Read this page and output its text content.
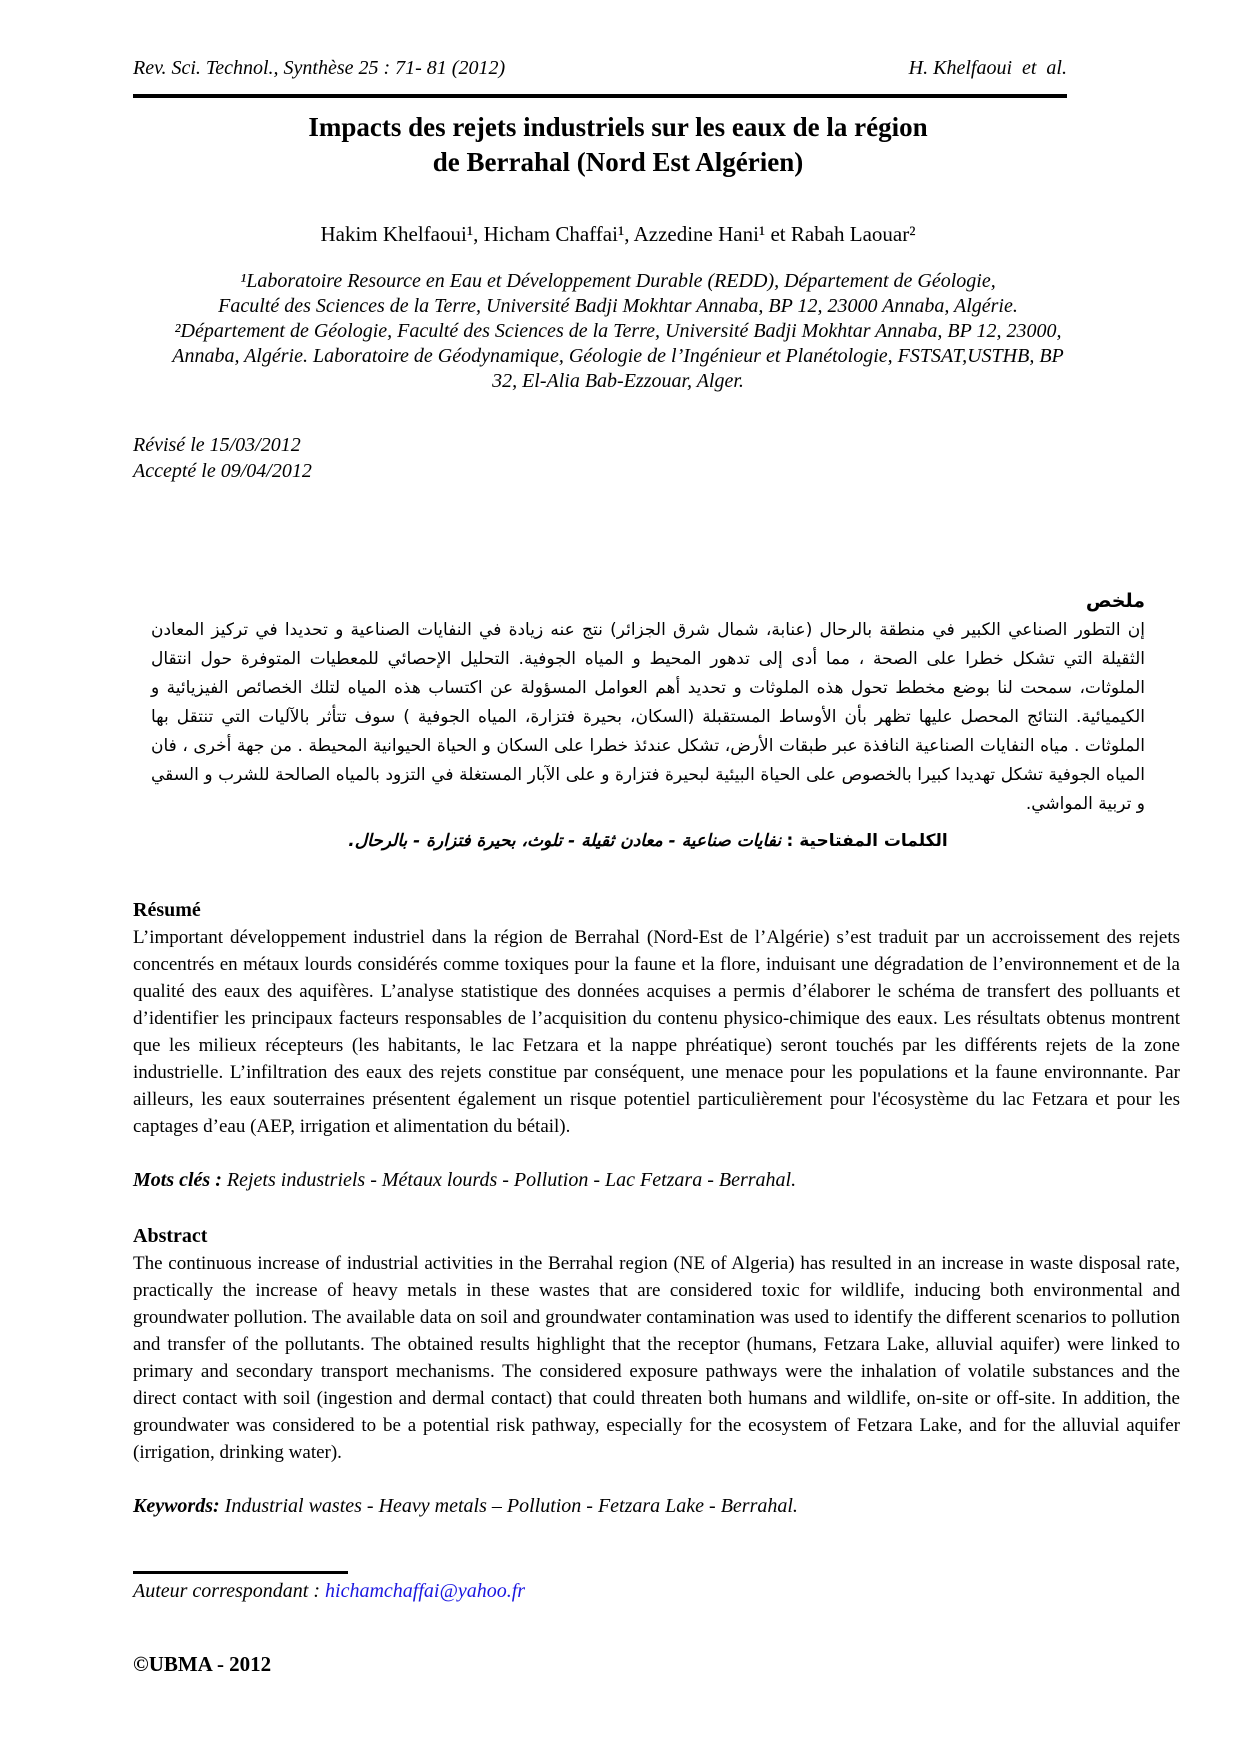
Rev. Sci. Technol., Synthèse 25 : 71- 81 (2012)	H. Khelfaoui  et  al.
Impacts des rejets industriels sur les eaux de la région
de Berrahal (Nord Est Algérien)
Hakim Khelfaoui¹, Hicham Chaffai¹, Azzedine Hani¹ et Rabah Laouar²
¹Laboratoire Resource en Eau et Développement Durable (REDD), Département de Géologie,
Faculté des Sciences de la Terre, Université Badji Mokhtar Annaba, BP 12, 23000 Annaba, Algérie.
²Département de Géologie, Faculté des Sciences de la Terre, Université Badji Mokhtar Annaba, BP 12, 23000,
Annaba, Algérie. Laboratoire de Géodynamique, Géologie de l’Ingénieur et Planétologie, FSTSAT,USTHB, BP
32, El-Alia Bab-Ezzouar, Alger.
Révisé le 15/03/2012
Accepté le 09/04/2012
ملخص
إن التطور الصناعي الكبير في منطقة بالرحال (عنابة، شمال شرق الجزائر) نتج عنه زيادة في النفايات الصناعية و تحديدا في تركيز المعادن الثقيلة التي تشكل خطرا على الصحة ، مما أدى إلى تدهور المحيط و المياه الجوفية. التحليل الإحصائي للمعطيات المتوفرة حول انتقال الملوثات، سمحت لنا بوضع مخطط تحول هذه الملوثات و تحديد أهم العوامل المسؤولة عن اكتساب هذه المياه لتلك الخصائص الفيزيائية و الكيميائية. النتائج المحصل عليها تظهر بأن الأوساط المستقبلة (السكان، بحيرة فتزارة، المياه الجوفية ) سوف تتأثر بالآليات التي تنتقل بها الملوثات . مياه النفايات الصناعية النافذة عبر طبقات الأرض، تشكل عندئذ خطرا على السكان و الحياة الحيوانية المحيطة . من جهة أخرى ، فان المياه الجوفية تشكل تهديدا كبيرا بالخصوص على الحياة البيئية لبحيرة فتزارة و على الآبار المستغلة في التزود بالمياه الصالحة للشرب و السقي و تربية المواشي.
الكلمات المفتاحية : نفايات صناعية - معادن ثقيلة - تلوث، بحيرة فتزارة - بالرحال.
Résumé
L’important développement industriel dans la région de Berrahal (Nord-Est de l’Algérie) s’est traduit par un accroissement des rejets concentrés en métaux lourds considérés comme toxiques pour la faune et la flore, induisant une dégradation de l’environnement et de la qualité des eaux des aquifères. L’analyse statistique des données acquises a permis d’élaborer le schéma de transfert des polluants et d’identifier les principaux facteurs responsables de l’acquisition du contenu physico-chimique des eaux. Les résultats obtenus montrent que les milieux récepteurs (les habitants, le lac Fetzara et la nappe phréatique) seront touchés par les différents rejets de la zone industrielle. L’infiltration des eaux des rejets constitue par conséquent, une menace pour les populations et la faune environnante. Par ailleurs, les eaux souterraines présentent également un risque potentiel particulièrement pour l'écosystème du lac Fetzara et pour les captages d’eau (AEP, irrigation et alimentation du bétail).
Mots clés : Rejets industriels - Métaux lourds - Pollution - Lac Fetzara - Berrahal.
Abstract
The continuous increase of industrial activities in the Berrahal region (NE of Algeria) has resulted in an increase in waste disposal rate, practically the increase of heavy metals in these wastes that are considered toxic for wildlife, inducing both environmental and groundwater pollution. The available data on soil and groundwater contamination was used to identify the different scenarios to pollution and transfer of the pollutants. The obtained results highlight that the receptor (humans, Fetzara Lake, alluvial aquifer) were linked to primary and secondary transport mechanisms. The considered exposure pathways were the inhalation of volatile substances and the direct contact with soil (ingestion and dermal contact) that could threaten both humans and wildlife, on-site or off-site. In addition, the groundwater was considered to be a potential risk pathway, especially for the ecosystem of Fetzara Lake, and for the alluvial aquifer (irrigation, drinking water).
Keywords: Industrial wastes - Heavy metals – Pollution - Fetzara Lake - Berrahal.
Auteur correspondant : hichamchaffai@yahoo.fr
©UBMA - 2012
